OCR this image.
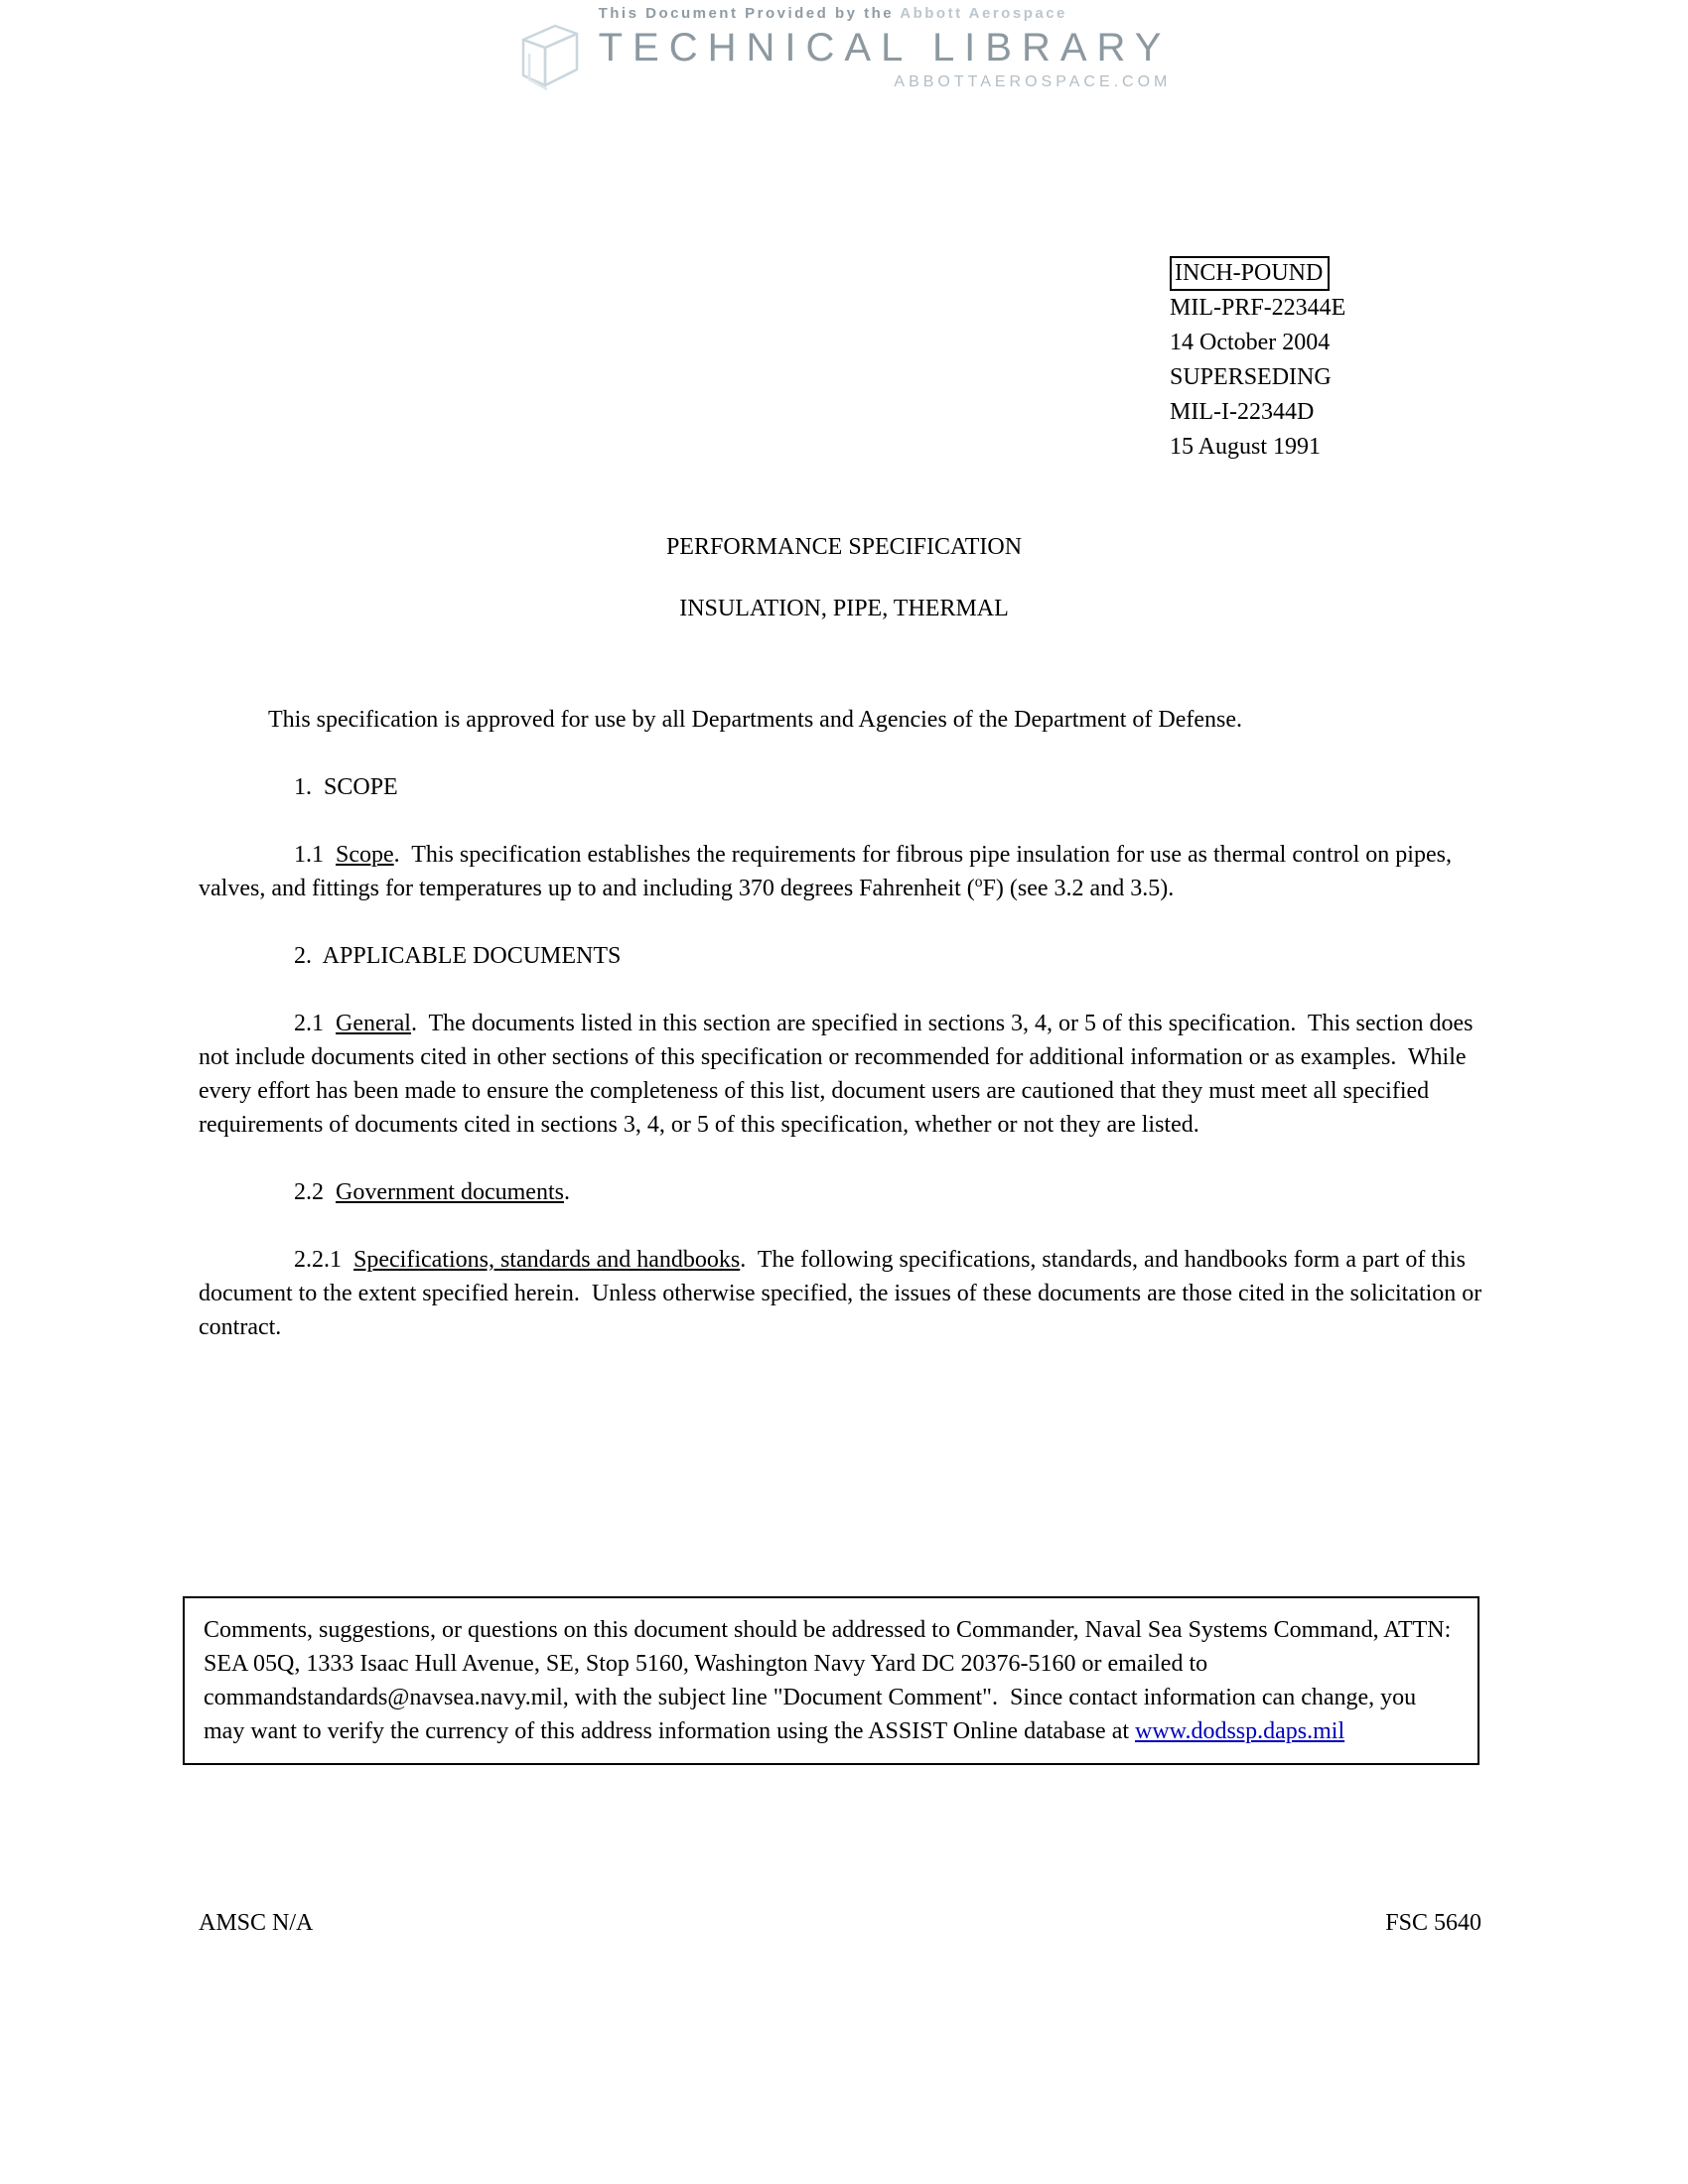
This Document Provided by the Abbott Aerospace
TECHNICAL LIBRARY
ABBOTTAEROSPACE.COM
INCH-POUND
MIL-PRF-22344E
14 October 2004
SUPERSEDING
MIL-I-22344D
15 August 1991

PERFORMANCE SPECIFICATION

INSULATION, PIPE, THERMAL

This specification is approved for use by all Departments and Agencies of the Department of Defense.

1.  SCOPE

1.1  Scope.  This specification establishes the requirements for fibrous pipe insulation for use as thermal control on pipes, valves, and fittings for temperatures up to and including 370 degrees Fahrenheit ($^o$F) (see 3.2 and 3.5).

2.  APPLICABLE DOCUMENTS

2.1  General.  The documents listed in this section are specified in sections 3, 4, or 5 of this specification.  This section does not include documents cited in other sections of this specification or recommended for additional information or as examples.  While every effort has been made to ensure the completeness of this list, document users are cautioned that they must meet all specified requirements of documents cited in sections 3, 4, or 5 of this specification, whether or not they are listed.

2.2  Government documents.

2.2.1  Specifications, standards and handbooks.  The following specifications, standards, and handbooks form a part of this document to the extent specified herein.  Unless otherwise specified, the issues of these documents are those cited in the solicitation or contract.

Comments, suggestions, or questions on this document should be addressed to Commander, Naval Sea Systems Command, ATTN: SEA 05Q, 1333 Isaac Hull Avenue, SE, Stop 5160, Washington Navy Yard DC 20376-5160 or emailed to commandstandards@navsea.navy.mil, with the subject line "Document Comment".  Since contact information can change, you may want to verify the currency of this address information using the ASSIST Online database at www.dodssp.daps.mil
AMSC N/A	FSC 5640
